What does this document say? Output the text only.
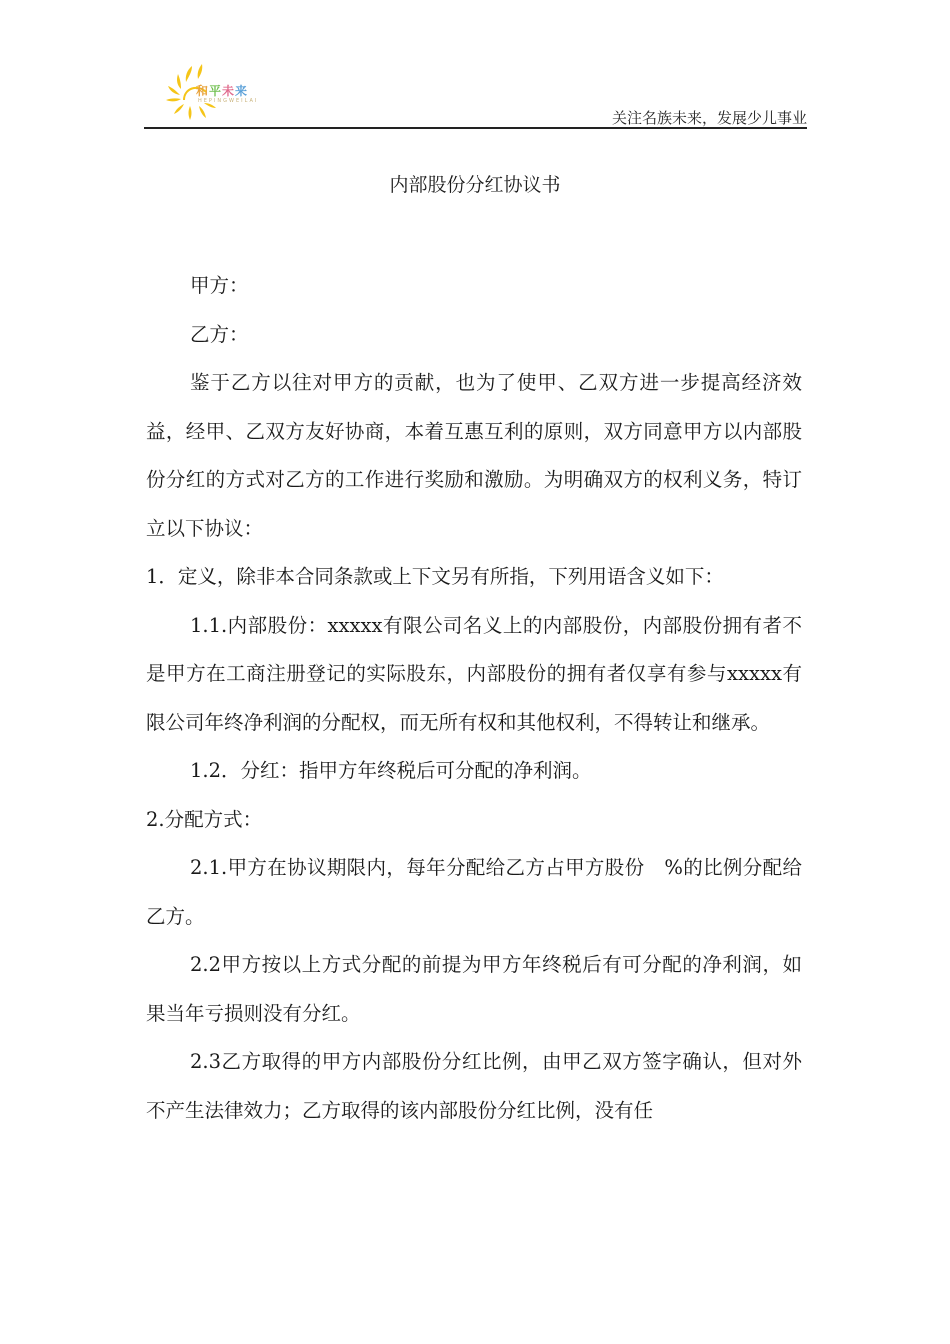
和平未来
HEPINGWEILAI
关注名族未来，发展少儿事业
内部股份分红协议书

甲方：

乙方：

鉴于乙方以往对甲方的贡献，也为了使甲、乙双方进一步提高经济效益，经甲、乙双方友好协商，本着互惠互利的原则，双方同意甲方以内部股份分红的方式对乙方的工作进行奖励和激励。为明确双方的权利义务，特订立以下协议：

1．定义，除非本合同条款或上下文另有所指，下列用语含义如下：

1.1.内部股份：xxxxx有限公司名义上的内部股份，内部股份拥有者不是甲方在工商注册登记的实际股东，内部股份的拥有者仅享有参与xxxxx有限公司年终净利润的分配权，而无所有权和其他权利，不得转让和继承。

1.2．分红：指甲方年终税后可分配的净利润。

2.分配方式：

2.1.甲方在协议期限内，每年分配给乙方占甲方股份　%的比例分配给乙方。

2.2甲方按以上方式分配的前提为甲方年终税后有可分配的净利润，如果当年亏损则没有分红。

2.3乙方取得的甲方内部股份分红比例，由甲乙双方签字确认，但对外不产生法律效力；乙方取得的该内部股份分红比例，没有任
